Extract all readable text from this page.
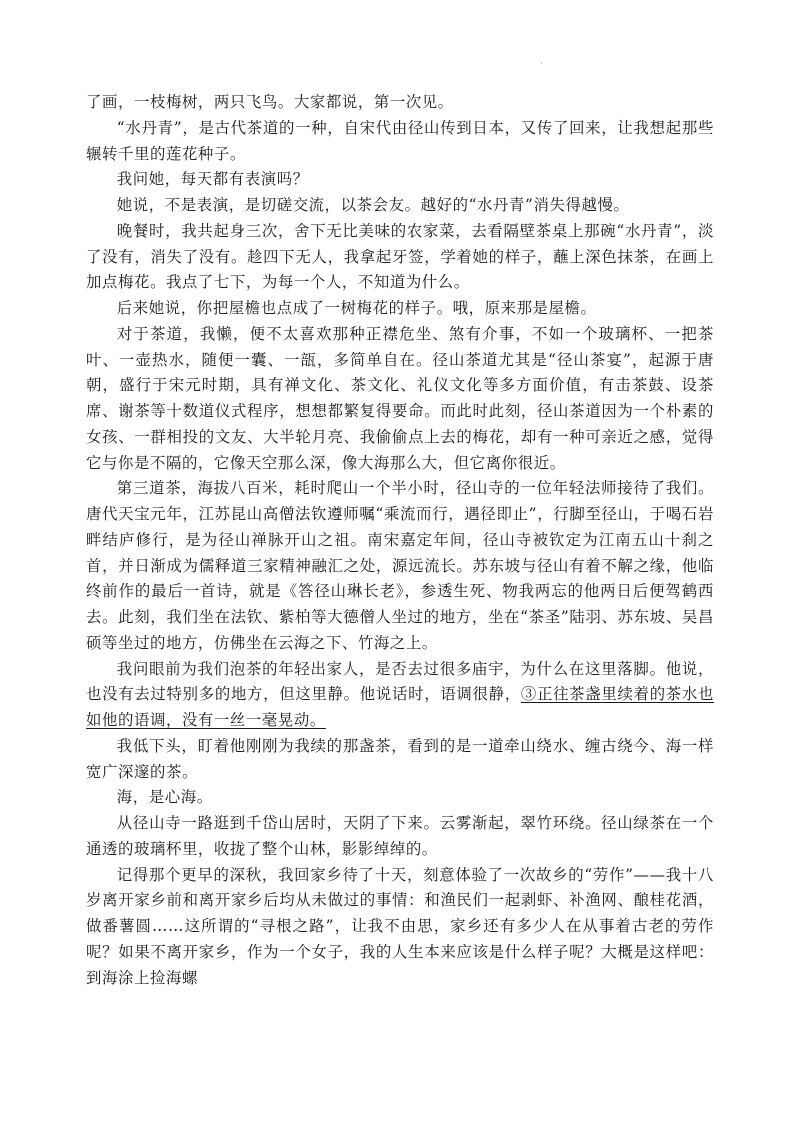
·

了画，一枝梅树，两只飞鸟。大家都说，第一次见。

“水丹青”，是古代茶道的一种，自宋代由径山传到日本，又传了回来，让我想起那些辗转千里的莲花种子。

我问她，每天都有表演吗？

她说，不是表演，是切磋交流，以茶会友。越好的“水丹青”消失得越慢。

晚餐时，我共起身三次，舍下无比美味的农家菜，去看隔壁茶桌上那碗“水丹青”，淡了没有，消失了没有。趁四下无人，我拿起牙签，学着她的样子，蘸上深色抹茶，在画上加点梅花。我点了七下，为每一个人，不知道为什么。

后来她说，你把屋檐也点成了一树梅花的样子。哦，原来那是屋檐。

对于茶道，我懒，便不太喜欢那种正襟危坐、煞有介事，不如一个玻璃杯、一把茶叶、一壶热水，随便一囊、一瓿，多简单自在。径山茶道尤其是“径山茶宴”，起源于唐朝，盛行于宋元时期，具有禅文化、茶文化、礼仪文化等多方面价值，有击茶鼓、设茶席、谢茶等十数道仪式程序，想想都繁复得要命。而此时此刻，径山茶道因为一个朴素的女孩、一群相投的文友、大半轮月亮、我偷偷点上去的梅花，却有一种可亲近之感，觉得它与你是不隔的，它像天空那么深，像大海那么大，但它离你很近。

第三道茶，海拔八百米，耗时爬山一个半小时，径山寺的一位年轻法师接待了我们。唐代天宝元年，江苏昆山高僧法钦遵师嘱“乘流而行，遇径即止”，行脚至径山，于喝石岩畔结庐修行，是为径山禅脉开山之祖。南宋嘉定年间，径山寺被钦定为江南五山十刹之首，并日渐成为儒释道三家精神融汇之处，源远流长。苏东坡与径山有着不解之缘，他临终前作的最后一首诗，就是《答径山琳长老》，参透生死、物我两忘的他两日后便驾鹤西去。此刻，我们坐在法钦、紫柏等大德僧人坐过的地方，坐在“茶圣”陆羽、苏东坡、吴昌硕等坐过的地方，仿佛坐在云海之下、竹海之上。

我问眼前为我们泡茶的年轻出家人，是否去过很多庙宇，为什么在这里落脚。他说，也没有去过特别多的地方，但这里静。他说话时，语调很静，③正往茶盏里续着的茶水也如他的语调，没有一丝一毫晃动。

我低下头，盯着他刚刚为我续的那盏茶，看到的是一道牵山绕水、缠古绕今、海一样宽广深邃的茶。

海，是心海。

从径山寺一路逛到千岱山居时，天阴了下来。云雾渐起，翠竹环绕。径山绿茶在一个通透的玻璃杯里，收拢了整个山林，影影绰绰的。

记得那个更早的深秋，我回家乡待了十天，刻意体验了一次故乡的“劳作”——我十八岁离开家乡前和离开家乡后均从未做过的事情：和渔民们一起剥虾、补渔网、酿桂花酒，做番薯圆……这所谓的“寻根之路”，让我不由思，家乡还有多少人在从事着古老的劳作呢？如果不离开家乡，作为一个女子，我的人生本来应该是什么样子呢？大概是这样吧：到海涂上捡海螺
